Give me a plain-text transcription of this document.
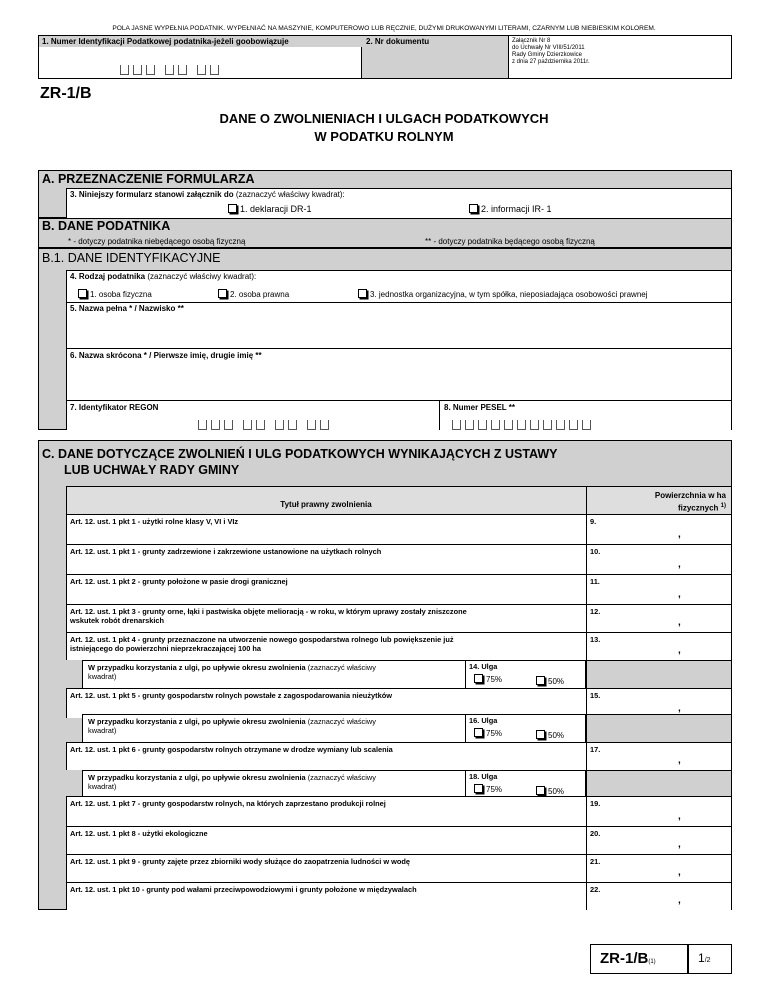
POLA JASNE WYPEŁNIA PODATNIK. WYPEŁNIAĆ NA MASZYNIE, KOMPUTEROWO LUB RĘCZNIE, DUŻYMI DRUKOWANYMI LITERAMI, CZARNYM LUB NIEBIESKIM KOLOREM.
1. Numer Identyfikacji Podatkowej podatnika-jeżeli goobowiązuje	2. Nr dokumentu	Załącznik Nr 8
do Uchwały Nr VIII/51/2011
Rady Gminy Dzierzkowice
z dnia 27 października 2011r.
ZR-1/B
DANE O ZWOLNIENIACH I ULGACH PODATKOWYCH
W PODATKU ROLNYM
A. PRZEZNACZENIE FORMULARZA
3. Niniejszy formularz stanowi załącznik do (zaznaczyć właściwy kwadrat):
1. deklaracji DR-1	2. informacji IR- 1
B. DANE PODATNIKA
* - dotyczy podatnika niebędącego osobą fizyczną	** - dotyczy podatnika będącego osobą fizyczną
B.1. DANE IDENTYFIKACYJNE
4. Rodzaj podatnika (zaznaczyć właściwy kwadrat):
1. osoba fizyczna	2. osoba prawna	3. jednostka organizacyjna, w tym spółka, nieposiadająca osobowości prawnej
5. Nazwa pełna * / Nazwisko **
6. Nazwa skrócona * / Pierwsze imię, drugie imię **
7. Identyfikator REGON	8. Numer PESEL **
C. DANE DOTYCZĄCE ZWOLNIEŃ I ULG PODATKOWYCH WYNIKAJĄCYCH Z USTAWY
LUB UCHWAŁY RADY GMINY
Tytuł prawny zwolnienia
Powierzchnia w ha
fizycznych $^{1)}$
Art. 12. ust. 1 pkt 1 - użytki rolne klasy V, VI i VIz	9.
,
Art. 12. ust. 1 pkt 1 - grunty zadrzewione i zakrzewione ustanowione na użytkach rolnych	10.
,
Art. 12. ust. 1 pkt 2 - grunty położone w pasie drogi granicznej	11.
,
Art. 12. ust. 1 pkt 3 - grunty orne, łąki i pastwiska objęte melioracją - w roku, w którym uprawy zostały zniszczone
wskutek robót drenarskich
12.
,
Art. 12. ust. 1 pkt 4 - grunty przeznaczone na utworzenie nowego gospodarstwa rolnego lub powiększenie już
istniejącego do powierzchni nieprzekraczającej 100 ha
13.
,
W przypadku korzystania z ulgi, po upływie okresu zwolnienia (zaznaczyć właściwy
kwadrat)
14. Ulga
75%	50%
Art. 12. ust. 1 pkt 5 - grunty gospodarstw rolnych powstałe z zagospodarowania nieużytków	15.
,
W przypadku korzystania z ulgi, po upływie okresu zwolnienia (zaznaczyć właściwy
kwadrat)
16. Ulga
75%	50%
Art. 12. ust. 1 pkt 6 - grunty gospodarstw rolnych otrzymane w drodze wymiany lub scalenia	17.
,
W przypadku korzystania z ulgi, po upływie okresu zwolnienia (zaznaczyć właściwy
kwadrat)
18. Ulga
75%	50%
Art. 12. ust. 1 pkt 7 - grunty gospodarstw rolnych, na których zaprzestano produkcji rolnej	19.
,
Art. 12. ust. 1 pkt 8 - użytki ekologiczne	20.
,
Art. 12. ust. 1 pkt 9 - grunty zajęte przez zbiorniki wody służące do zaopatrzenia ludności w wodę	21.
,
Art. 12. ust. 1 pkt 10 - grunty pod wałami przeciwpowodziowymi i grunty położone w międzywalach	22.
,
ZR-1/B(1)	1/2
